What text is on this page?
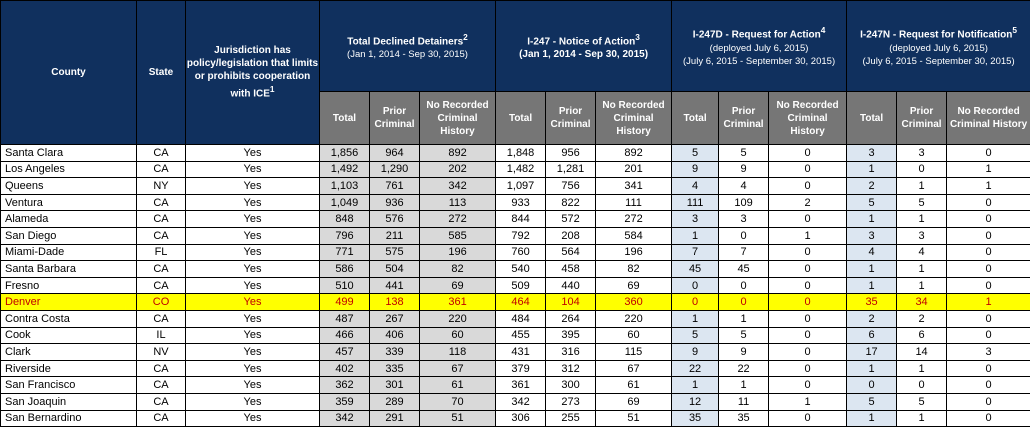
County	State	Jurisdiction has policy/legislation that limits or prohibits cooperation with ICE$^1$	Total Declined Detainers$^2$
(Jan 1, 2014 - Sep 30, 2015)			I-247 - Notice of Action$^3$
(Jan 1, 2014 - Sep 30, 2015)			I-247D - Request for Action$^4$
(deployed July 6, 2015)
(July 6, 2015 - September 30, 2015)			I-247N - Request for Notification$^5$
(deployed July 6, 2015)
(July 6, 2015 - September 30, 2015)		
			Total	Prior Criminal	No Recorded Criminal History	Total	Prior Criminal	No Recorded Criminal History	Total	Prior Criminal	No Recorded Criminal History	Total	Prior Criminal	No Recorded Criminal History
Santa Clara	CA	Yes	1,856	964	892	1,848	956	892	5	5	0	3	3	0
Los Angeles	CA	Yes	1,492	1,290	202	1,482	1,281	201	9	9	0	1	0	1
Queens	NY	Yes	1,103	761	342	1,097	756	341	4	4	0	2	1	1
Ventura	CA	Yes	1,049	936	113	933	822	111	111	109	2	5	5	0
Alameda	CA	Yes	848	576	272	844	572	272	3	3	0	1	1	0
San Diego	CA	Yes	796	211	585	792	208	584	1	0	1	3	3	0
Miami-Dade	FL	Yes	771	575	196	760	564	196	7	7	0	4	4	0
Santa Barbara	CA	Yes	586	504	82	540	458	82	45	45	0	1	1	0
Fresno	CA	Yes	510	441	69	509	440	69	0	0	0	1	1	0
Denver	CO	Yes	499	138	361	464	104	360	0	0	0	35	34	1
Contra Costa	CA	Yes	487	267	220	484	264	220	1	1	0	2	2	0
Cook	IL	Yes	466	406	60	455	395	60	5	5	0	6	6	0
Clark	NV	Yes	457	339	118	431	316	115	9	9	0	17	14	3
Riverside	CA	Yes	402	335	67	379	312	67	22	22	0	1	1	0
San Francisco	CA	Yes	362	301	61	361	300	61	1	1	0	0	0	0
San Joaquin	CA	Yes	359	289	70	342	273	69	12	11	1	5	5	0
San Bernardino	CA	Yes	342	291	51	306	255	51	35	35	0	1	1	0
